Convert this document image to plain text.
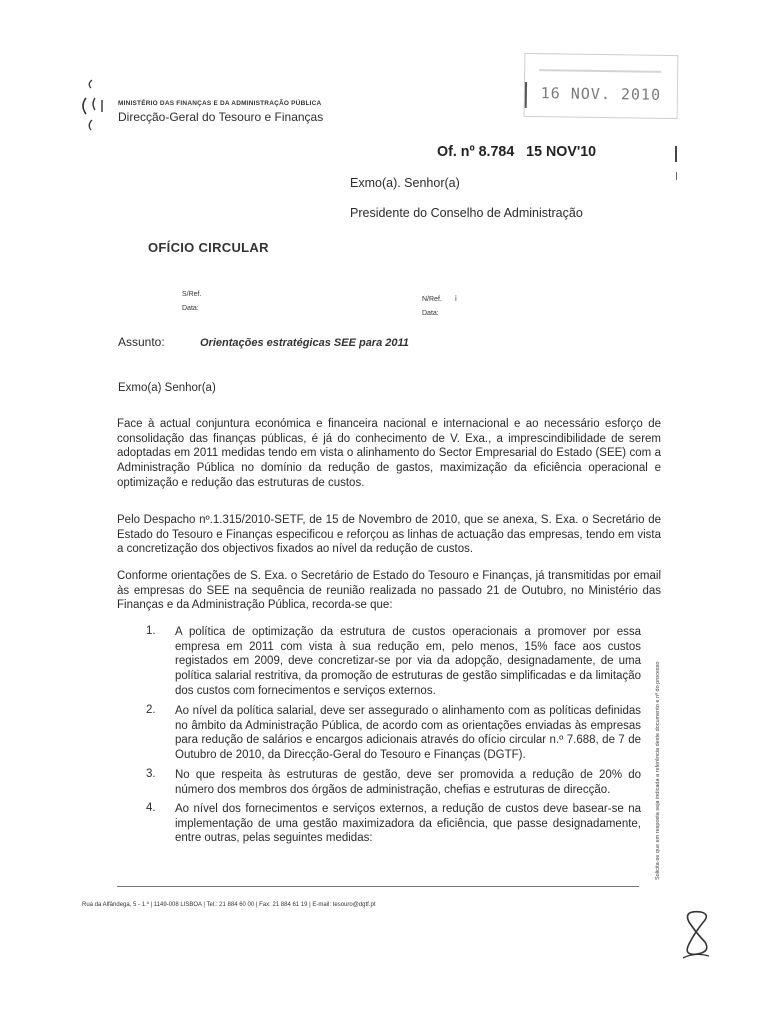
MINISTÉRIO DAS FINANÇAS E DA ADMINISTRAÇÃO PÚBLICA
Direcção-Geral do Tesouro e Finanças
16 NOV. 2010
Of. nº 8.784 15 NOV'10
Exmo(a). Senhor(a)
Presidente do Conselho de Administração
OFÍCIO CIRCULAR
S/Ref.
Data:
N/Ref. i
Data:
Assunto:	Orientações estratégicas SEE para 2011
Exmo(a) Senhor(a)

Face à actual conjuntura económica e financeira nacional e internacional e ao necessário esforço de consolidação das finanças públicas, é já do conhecimento de V. Exa., a imprescindibilidade de serem adoptadas em 2011 medidas tendo em vista o alinhamento do Sector Empresarial do Estado (SEE) com a Administração Pública no domínio da redução de gastos, maximização da eficiência operacional e optimização e redução das estruturas de custos.

Pelo Despacho nº.1.315/2010-SETF, de 15 de Novembro de 2010, que se anexa, S. Exa. o Secretário de Estado do Tesouro e Finanças especificou e reforçou as linhas de actuação das empresas, tendo em vista a concretização dos objectivos fixados ao nível da redução de custos.

Conforme orientações de S. Exa. o Secretário de Estado do Tesouro e Finanças, já transmitidas por email às empresas do SEE na sequência de reunião realizada no passado 21 de Outubro, no Ministério das Finanças e da Administração Pública, recorda-se que:

1. A política de optimização da estrutura de custos operacionais a promover por essa empresa em 2011 com vista à sua redução em, pelo menos, 15% face aos custos registados em 2009, deve concretizar-se por via da adopção, designadamente, de uma política salarial restritiva, da promoção de estruturas de gestão simplificadas e da limitação dos custos com fornecimentos e serviços externos.

2. Ao nível da política salarial, deve ser assegurado o alinhamento com as políticas definidas no âmbito da Administração Pública, de acordo com as orientações enviadas às empresas para redução de salários e encargos adicionais através do ofício circular n.º 7.688, de 7 de Outubro de 2010, da Direcção-Geral do Tesouro e Finanças (DGTF).

3. No que respeita às estruturas de gestão, deve ser promovida a redução de 20% do número dos membros dos órgãos de administração, chefias e estruturas de direcção.

4. Ao nível dos fornecimentos e serviços externos, a redução de custos deve basear-se na implementação de uma gestão maximizadora da eficiência, que passe designadamente, entre outras, pelas seguintes medidas:	Solicita-se que em resposta seja indicada a referência deste documento e nº do processo
Rua da Alfândega, 5 - 1.º | 1149-008 LISBOA | Tel.: 21 884 60 00 | Fax: 21 884 61 19 | E-mail: tesouro@dgtf.pt
